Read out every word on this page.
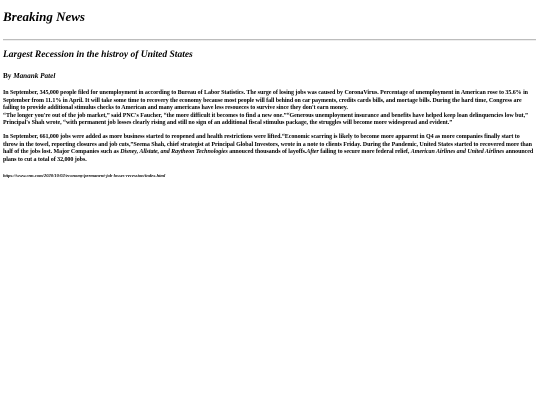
Breaking News
Largest Recession in the histroy of United States

By Manank Patel

In September, 345,000 people filed for unemployment in according to Bureau of Labor Statistics. The surge of losing jobs was caused by CoronaVirus. Percentage of unemployment in American rose to 35.6% in September from 11.1% in April. It will take some time to recovery the economy because most people will fall behind on car payments, credits cards bills, and mortage bills. During the hard time, Congress are failing to provide additional stimulus checks to American and many americans have less resoueces to survive since they don't earn money.

“The longer you're out of the job market,” said PNC's Faucher, “the more difficult it becomes to find a new one.”“Generous unemployment insurance and benefits have helped keep loan delinquencies low but,” Principal's Shah wrote, “with permanent job losses clearly rising and still no sign of an additional fiscal stimulus package, the struggles will become more widespread and evident.”

In September, 661,000 jobs were added as more business started to reopened and health restrictions were lifted.“Economic scarring is likely to become more apparent in Q4 as more companies finally start to throw in the towel, reporting closures and job cuts,”Seema Shah, chief strategist at Principal Global Investors, wrote in a note to clients Friday. During the Pandemic, United States started to recovered more than half of the jobs lost. Major Companies such as Disney, Allstate, and Raytheon Technologies annouced thousands of layoffs.After failing to secure more federal relief, American Airlines and United Airlines announced plans to cut a total of 32,000 jobs.

https://www.cnn.com/2020/10/02/economy/permanent-job-losses-recession/index.html
